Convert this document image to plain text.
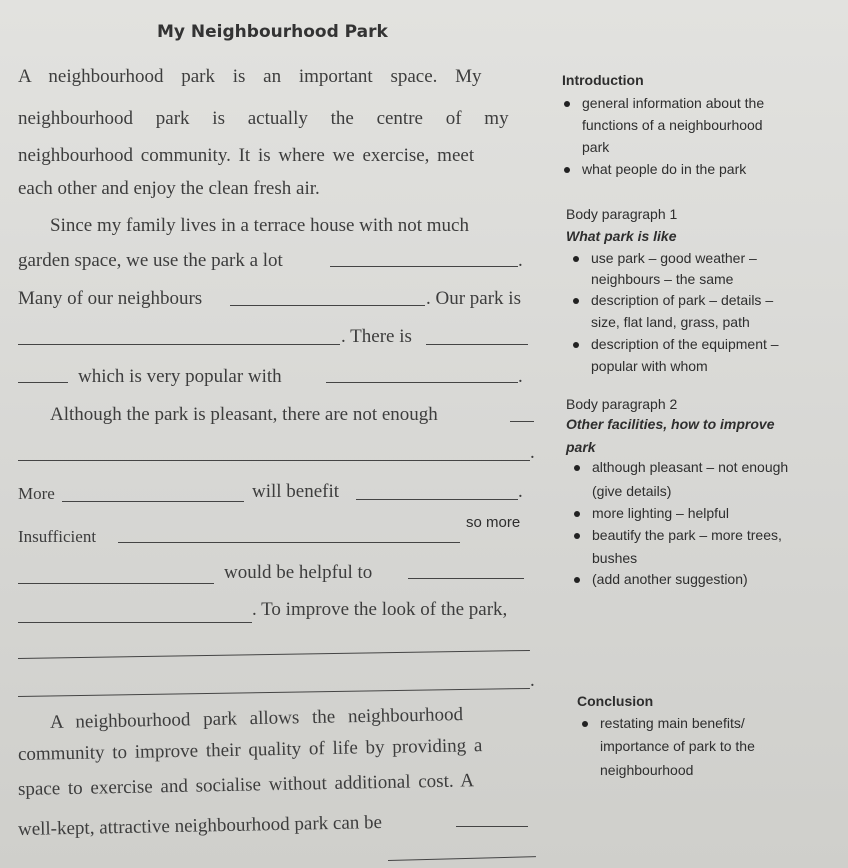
My Neighbourhood Park
A neighbourhood park is an important space. My
neighbourhood park is actually the centre of my
neighbourhood community. It is where we exercise, meet
each other and enjoy the clean fresh air.
Since my family lives in a terrace house with not much
garden space, we use the park a lot	.
Many of our neighbours	. Our park is
. There is
which is very popular with	.
Although the park is pleasant, there are not enough
.
More	will benefit	.
Insufficient
so more
would be helpful to
. To improve the look of the park,
.
A neighbourhood park allows the neighbourhood
community to improve their quality of life by providing a
space to exercise and socialise without additional cost. A
well-kept, attractive neighbourhood park can be
Introduction
general information about the
functions of a neighbourhood
park
what people do in the park
Body paragraph 1
What park is like
use park – good weather –
neighbours – the same
description of park – details –
size, flat land, grass, path
description of the equipment –
popular with whom
Body paragraph 2
Other facilities, how to improve
park
although pleasant – not enough
(give details)
more lighting – helpful
beautify the park – more trees,
bushes
(add another suggestion)
Conclusion
restating main benefits/
importance of park to the
neighbourhood
